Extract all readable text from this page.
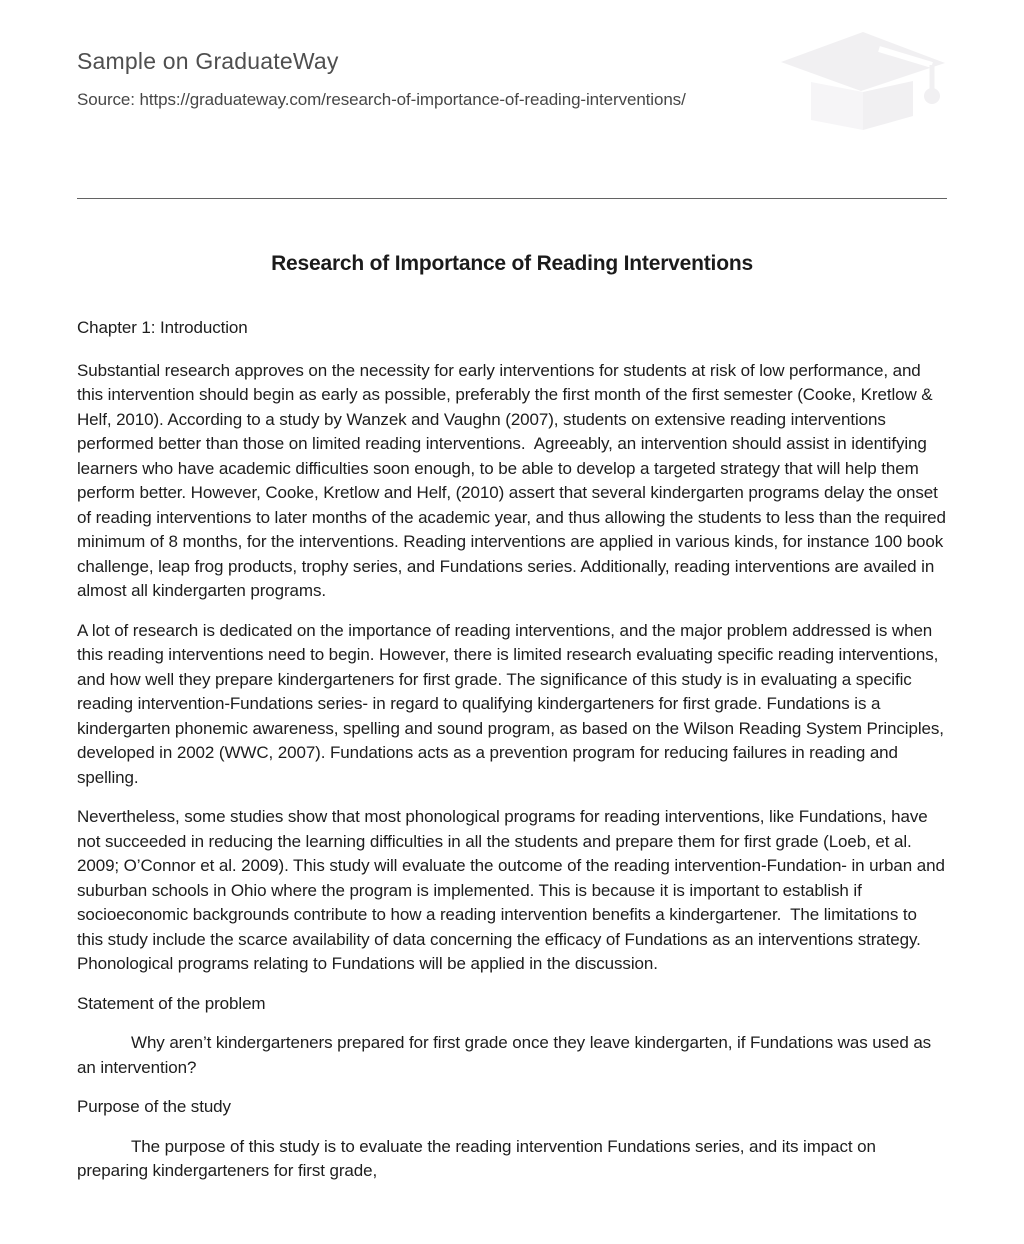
Sample on GraduateWay
Source: https://graduateway.com/research-of-importance-of-reading-interventions/
Research of Importance of Reading Interventions

Chapter 1: Introduction

Substantial research approves on the necessity for early interventions for students at risk of low performance, and this intervention should begin as early as possible, preferably the first month of the first semester (Cooke, Kretlow & Helf, 2010). According to a study by Wanzek and Vaughn (2007), students on extensive reading interventions performed better than those on limited reading interventions.  Agreeably, an intervention should assist in identifying learners who have academic difficulties soon enough, to be able to develop a targeted strategy that will help them perform better. However, Cooke, Kretlow and Helf, (2010) assert that several kindergarten programs delay the onset of reading interventions to later months of the academic year, and thus allowing the students to less than the required minimum of 8 months, for the interventions. Reading interventions are applied in various kinds, for instance 100 book challenge, leap frog products, trophy series, and Fundations series. Additionally, reading interventions are availed in almost all kindergarten programs.

A lot of research is dedicated on the importance of reading interventions, and the major problem addressed is when this reading interventions need to begin. However, there is limited research evaluating specific reading interventions, and how well they prepare kindergarteners for first grade. The significance of this study is in evaluating a specific reading intervention-Fundations series- in regard to qualifying kindergarteners for first grade. Fundations is a kindergarten phonemic awareness, spelling and sound program, as based on the Wilson Reading System Principles, developed in 2002 (WWC, 2007). Fundations acts as a prevention program for reducing failures in reading and spelling.

Nevertheless, some studies show that most phonological programs for reading interventions, like Fundations, have not succeeded in reducing the learning difficulties in all the students and prepare them for first grade (Loeb, et al. 2009; O’Connor et al. 2009). This study will evaluate the outcome of the reading intervention-Fundation- in urban and suburban schools in Ohio where the program is implemented. This is because it is important to establish if socioeconomic backgrounds contribute to how a reading intervention benefits a kindergartener.  The limitations to this study include the scarce availability of data concerning the efficacy of Fundations as an interventions strategy. Phonological programs relating to Fundations will be applied in the discussion.

Statement of the problem

Why aren’t kindergarteners prepared for first grade once they leave kindergarten, if Fundations was used as an intervention?

Purpose of the study

The purpose of this study is to evaluate the reading intervention Fundations series, and its impact on preparing kindergarteners for first grade,
